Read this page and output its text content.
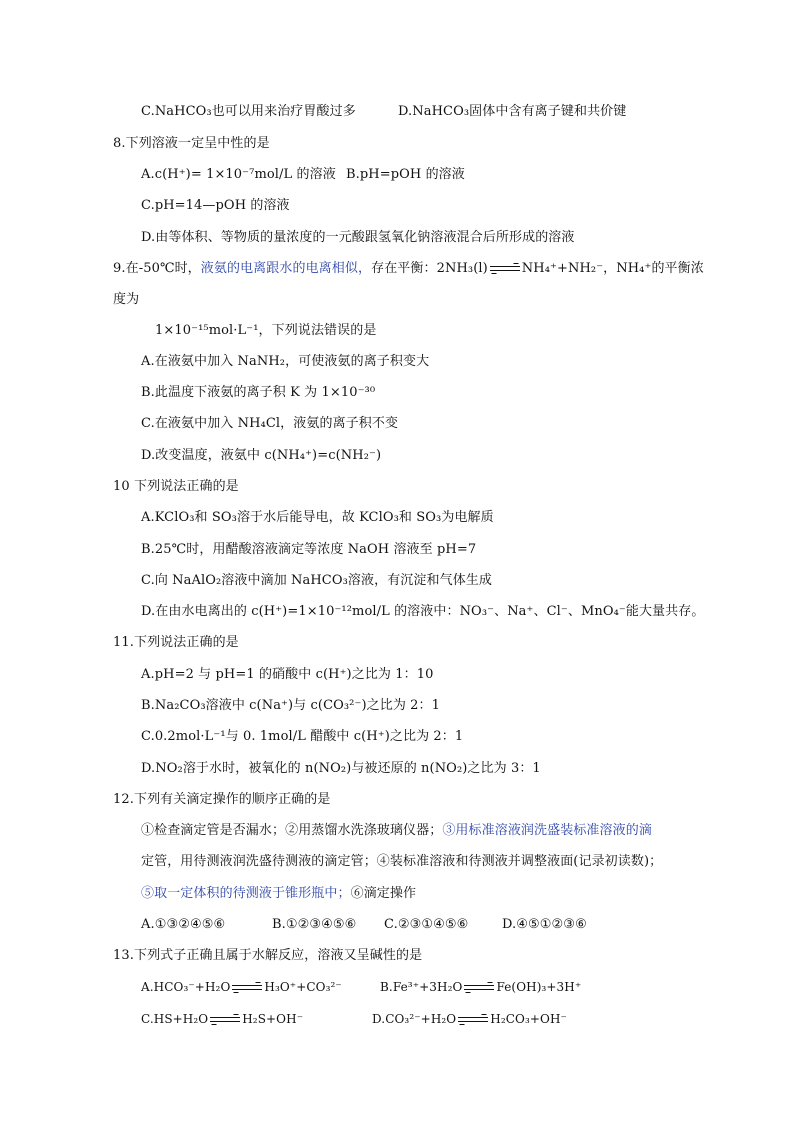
C.NaHCO₃也可以用来治疗胃酸过多	D.NaHCO₃固体中含有离子键和共价键
8.下列溶液一定呈中性的是
A.c(H⁺)= 1×10⁻⁷mol/L 的溶液 B.pH=pOH 的溶液
C.pH=14—pOH 的溶液
D.由等体积、等物质的量浓度的一元酸跟氢氧化钠溶液混合后所形成的溶液
9.在-50℃时，液氨的电离跟水的电离相似，存在平衡：2NH₃(l) → NH₄⁺+NH₂⁻，NH₄⁺的平衡浓
度为
1×10⁻¹⁵mol·L⁻¹，下列说法错误的是
A.在液氨中加入 NaNH₂，可使液氨的离子积变大
B.此温度下液氨的离子积 K 为 1×10⁻³⁰
C.在液氨中加入 NH₄Cl，液氨的离子积不变
D.改变温度，液氨中 c(NH₄⁺)=c(NH₂⁻)
10 下列说法正确的是
A.KClO₃和 SO₃溶于水后能导电，故 KClO₃和 SO₃为电解质
B.25℃时，用醋酸溶液滴定等浓度 NaOH 溶液至 pH=7
C.向 NaAlO₂溶液中滴加 NaHCO₃溶液，有沉淀和气体生成
D.在由水电离出的 c(H⁺)=1×10⁻¹²mol/L 的溶液中：NO₃⁻、Na⁺、Cl⁻、MnO₄⁻能大量共存。
11.下列说法正确的是
A.pH=2 与 pH=1 的硝酸中 c(H⁺)之比为 1：10
B.Na₂CO₃溶液中 c(Na⁺)与 c(CO₃²⁻)之比为 2：1
C.0.2mol·L⁻¹与 0. 1mol/L 醋酸中 c(H⁺)之比为 2：1
D.NO₂溶于水时，被氧化的 n(NO₂)与被还原的 n(NO₂)之比为 3：1
12.下列有关滴定操作的顺序正确的是
①检查滴定管是否漏水；②用蒸馏水洗涤玻璃仪器；③用标准溶液润洗盛装标准溶液的滴
定管，用待测液润洗盛待测液的滴定管；④装标准溶液和待测液并调整液面(记录初读数)；
⑤取一定体积的待测液于锥形瓶中；⑥滴定操作
A.①③②④⑤⑥	B.①②③④⑤⑥ C.②③①④⑤⑥	D.④⑤①②③⑥
13.下列式子正确且属于水解反应，溶液又呈碱性的是
A.HCO₃⁻+H₂O → H₃O⁺+CO₃²⁻	B.Fe³⁺+3H₂O → Fe(OH)₃+3H⁺
C.HS+H₂O → H₂S+OH⁻	D.CO₃²⁻+H₂O → H₂CO₃+OH⁻
